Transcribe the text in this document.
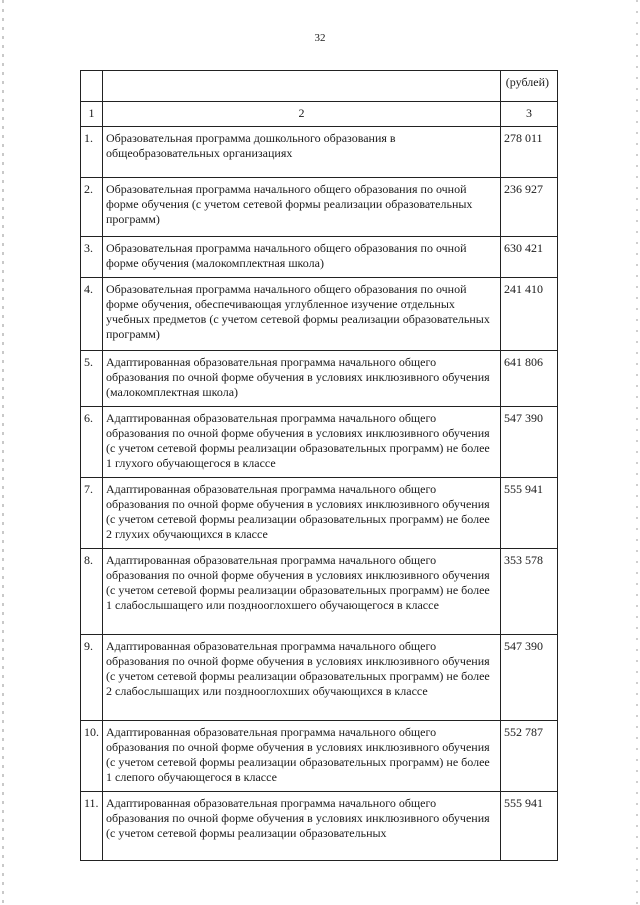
32
		(рублей)
1	2	3
1.	Образовательная программа дошкольного образования в общеобразовательных организациях	278 011
2.	Образовательная программа начального общего образования по очной форме обучения (с учетом сетевой формы реализации образовательных программ)	236 927
3.	Образовательная программа начального общего образования по очной форме обучения (малокомплектная школа)	630 421
4.	Образовательная программа начального общего образования по очной форме обучения, обеспечивающая углубленное изучение отдельных учебных предметов (с учетом сетевой формы реализации образовательных программ)	241 410
5.	Адаптированная образовательная программа начального общего образования по очной форме обучения в условиях инклюзивного обучения (малокомплектная школа)	641 806
6.	Адаптированная образовательная программа начального общего образования по очной форме обучения в условиях инклюзивного обучения (с учетом сетевой формы реализации образовательных программ) не более 1 глухого обучающегося в классе	547 390
7.	Адаптированная образовательная программа начального общего образования по очной форме обучения в условиях инклюзивного обучения (с учетом сетевой формы реализации образовательных программ) не более 2 глухих обучающихся в классе	555 941
8.	Адаптированная образовательная программа начального общего образования по очной форме обучения в условиях инклюзивного обучения (с учетом сетевой формы реализации образовательных программ) не более 1 слабослышащего или позднооглохшего обучающегося в классе	353 578
9.	Адаптированная образовательная программа начального общего образования по очной форме обучения в условиях инклюзивного обучения (с учетом сетевой формы реализации образовательных программ) не более 2 слабослышащих или позднооглохших обучающихся в классе	547 390
10.	Адаптированная образовательная программа начального общего образования по очной форме обучения в условиях инклюзивного обучения (с учетом сетевой формы реализации образовательных программ) не более 1 слепого обучающегося в классе	552 787
11.	Адаптированная образовательная программа начального общего образования по очной форме обучения в условиях инклюзивного обучения (с учетом сетевой формы реализации образовательных	555 941
